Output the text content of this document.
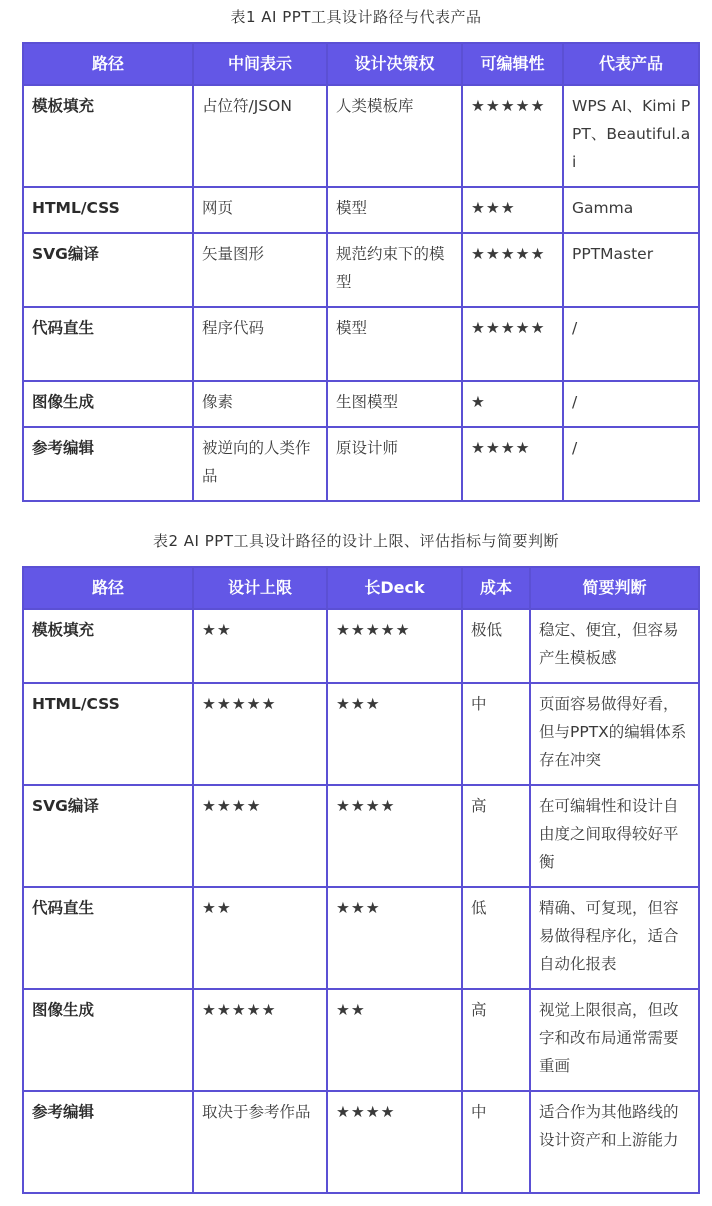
表1 AI PPT工具设计路径与代表产品
路径	中间表示	设计决策权	可编辑性	代表产品
模板填充	占位符/JSON	人类模板库	★★★★★	WPS AI、Kimi PPT、Beautiful.ai
HTML/CSS	网页	模型	★★★	Gamma
SVG编译	矢量图形	规范约束下的模型	★★★★★	PPTMaster
代码直生	程序代码	模型	★★★★★	/
图像生成	像素	生图模型	★	/
参考编辑	被逆向的人类作品	原设计师	★★★★	/
表2 AI PPT工具设计路径的设计上限、评估指标与简要判断
路径	设计上限	长Deck	成本	简要判断
模板填充	★★	★★★★★	极低	稳定、便宜，但容易产生模板感
HTML/CSS	★★★★★	★★★	中	页面容易做得好看，但与PPTX的编辑体系存在冲突
SVG编译	★★★★	★★★★	高	在可编辑性和设计自由度之间取得较好平衡
代码直生	★★	★★★	低	精确、可复现，但容易做得程序化，适合自动化报表
图像生成	★★★★★	★★	高	视觉上限很高，但改字和改布局通常需要重画
参考编辑	取决于参考作品	★★★★	中	适合作为其他路线的设计资产和上游能力
